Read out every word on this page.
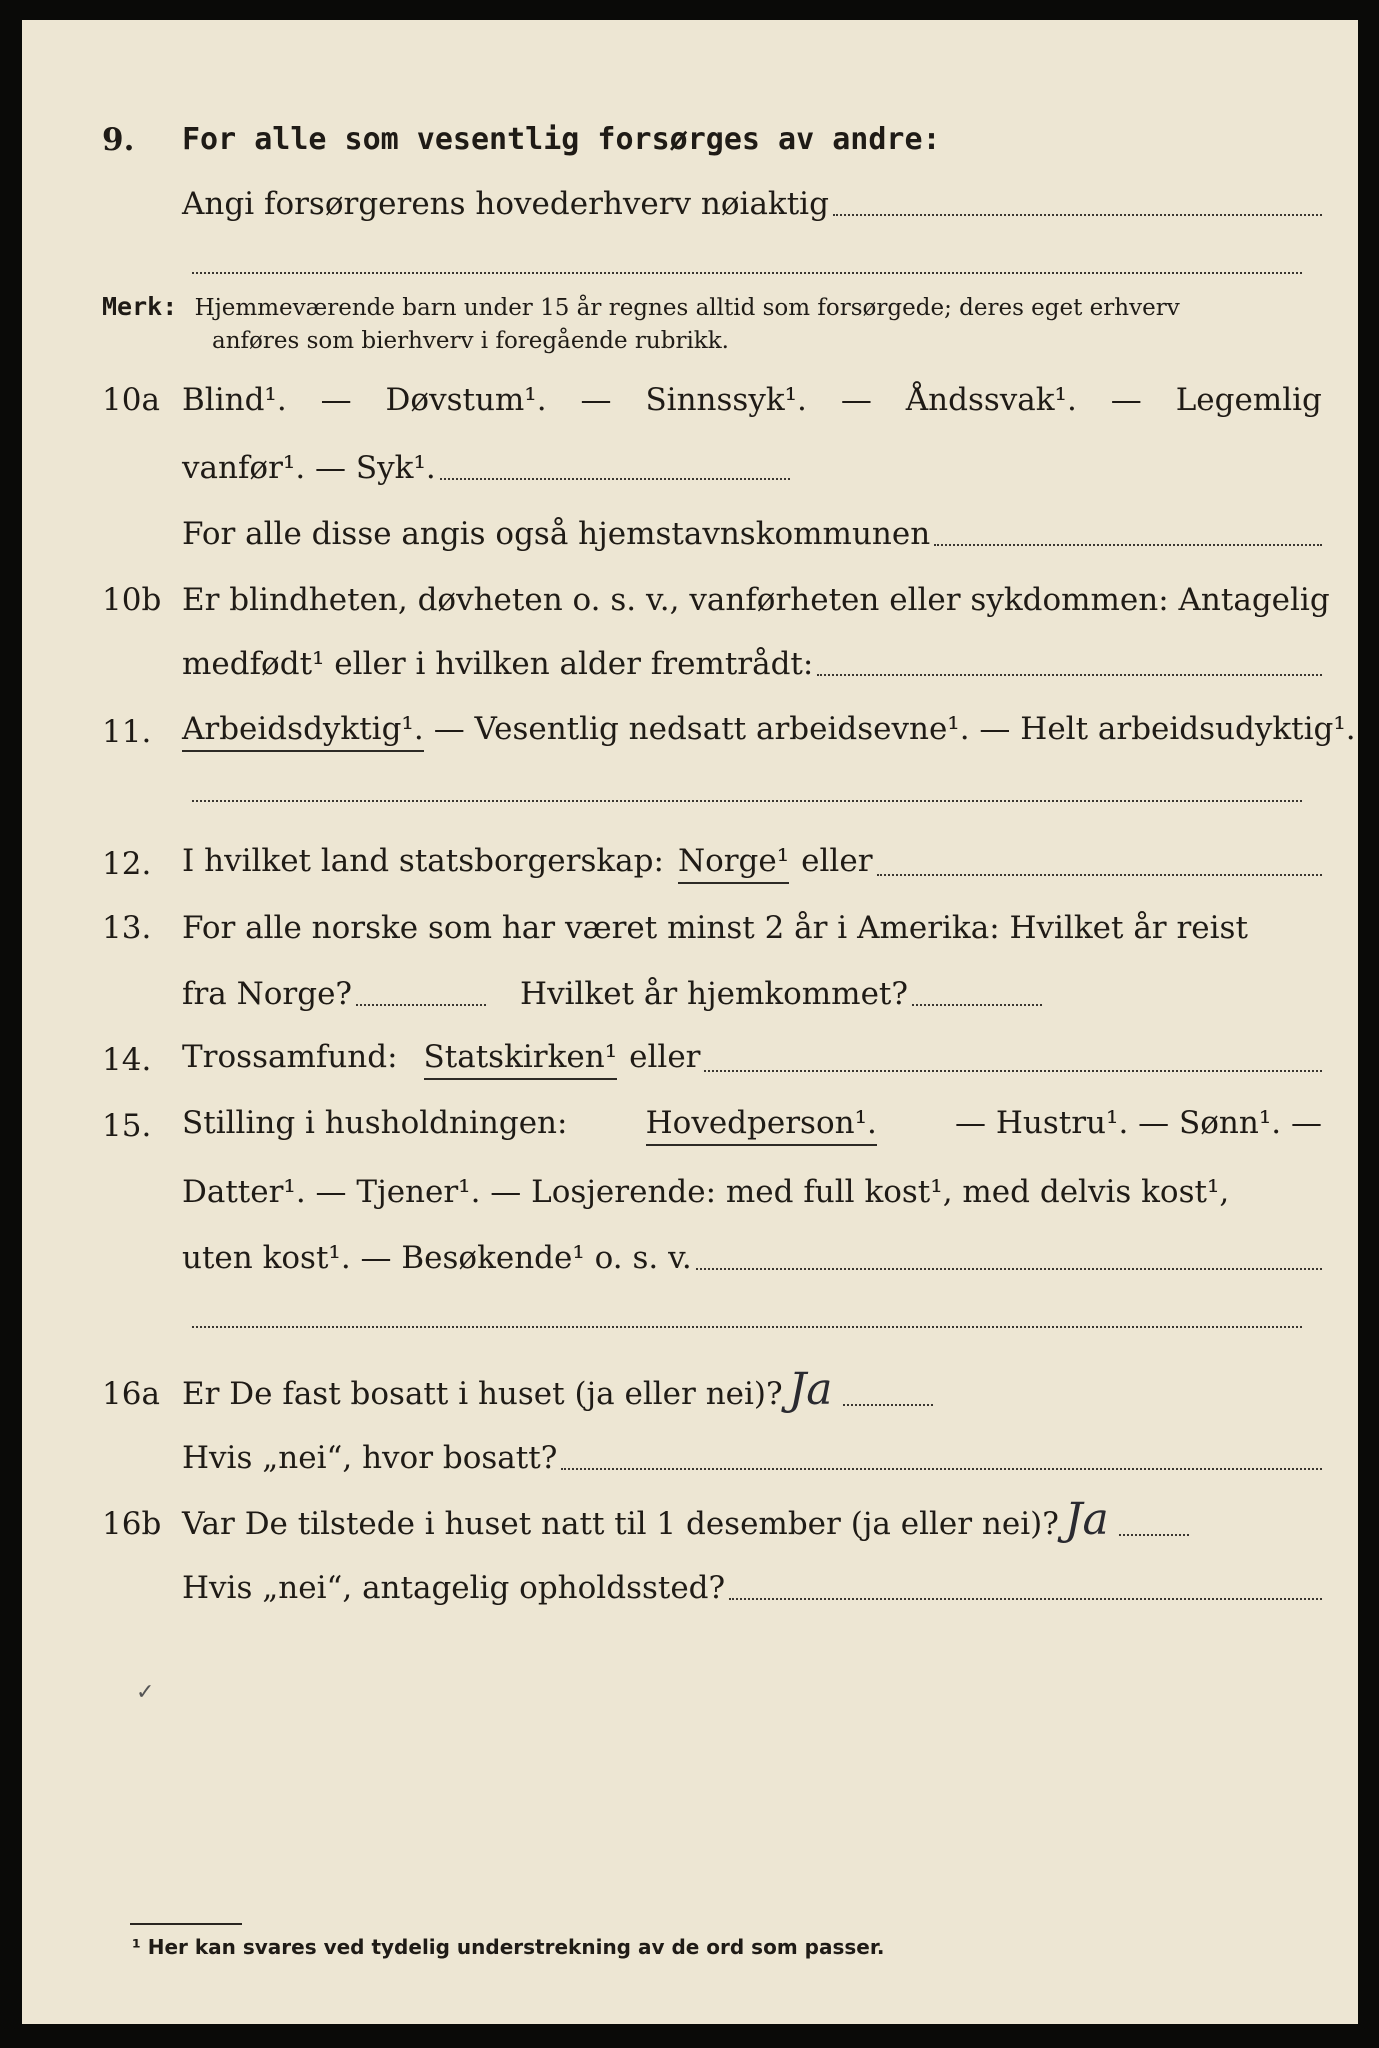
9. For alle som vesentlig forsørges av andre:
Angi forsørgerens hovederhverv nøiaktig
Merk: Hjemmeværende barn under 15 år regnes alltid som forsørgede; deres eget erhverv
anføres som bierhverv i foregående rubrikk.
10a Blind¹. — Døvstum¹. — Sinnssyk¹. — Åndssvak¹. — Legemlig
vanfør¹. — Syk¹.
For alle disse angis også hjemstavnskommunen
10b Er blindheten, døvheten o. s. v., vanførheten eller sykdommen: Antagelig
medfødt¹ eller i hvilken alder fremtrådt:
11. Arbeidsdyktig¹. — Vesentlig nedsatt arbeidsevne¹. — Helt arbeidsudyktig¹.
12. I hvilket land statsborgerskap: Norge¹ eller
13. For alle norske som har været minst 2 år i Amerika: Hvilket år reist
fra Norge?	Hvilket år hjemkommet?
14. Trossamfund: Statskirken¹ eller
15. Stilling i husholdningen:	Hovedperson¹.	— Hustru¹. — Sønn¹. —
Datter¹. — Tjener¹. — Losjerende: med full kost¹, med delvis kost¹,
uten kost¹. — Besøkende¹ o. s. v.
16a Er De fast bosatt i huset (ja eller nei)? Ja
Hvis „nei“, hvor bosatt?
16b Var De tilstede i huset natt til 1 desember (ja eller nei)? Ja
Hvis „nei“, antagelig opholdssted?
✓
¹ Her kan svares ved tydelig understrekning av de ord som passer.
